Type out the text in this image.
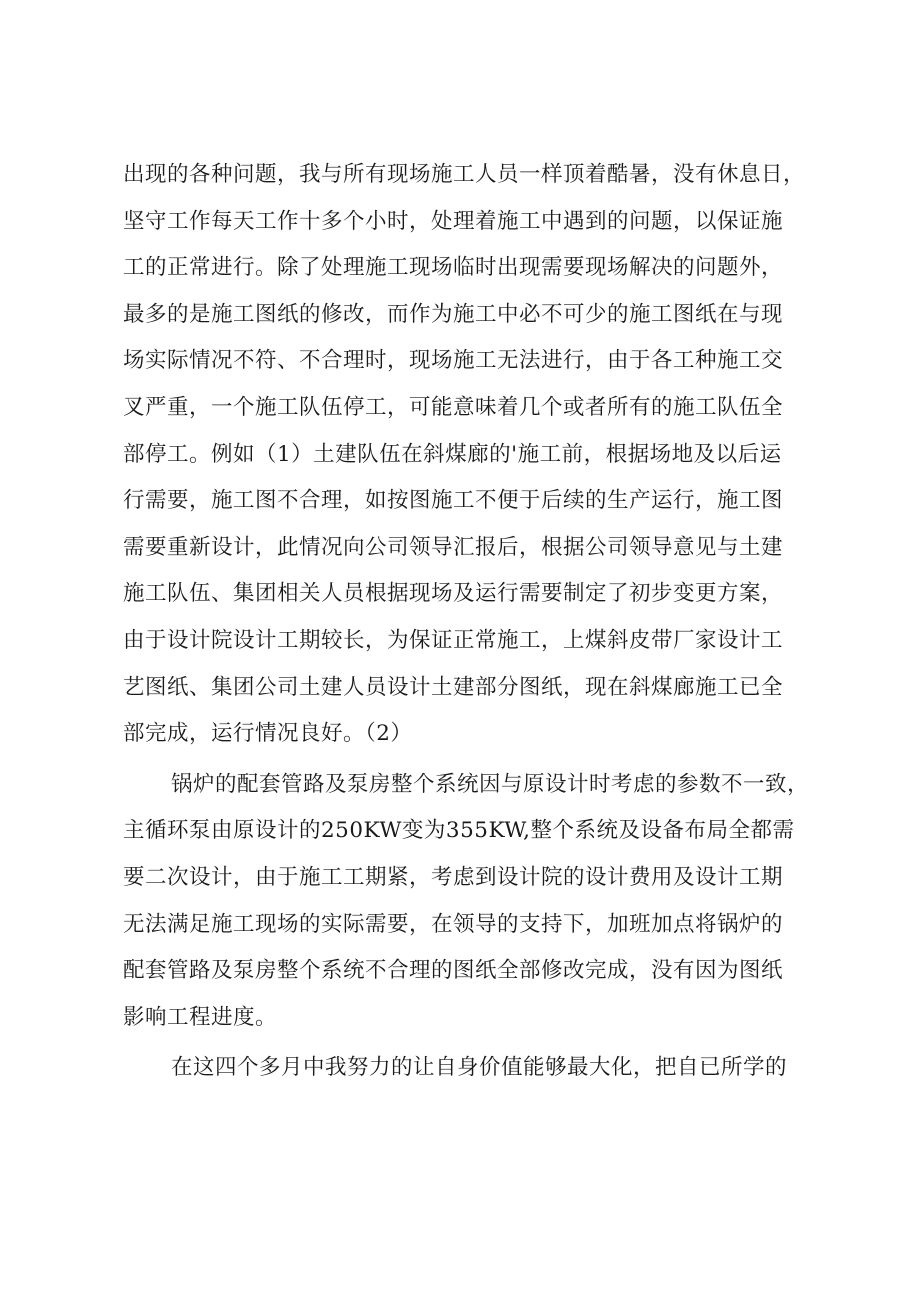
出现的各种问题，我与所有现场施工人员一样顶着酷暑，没有休息日，
坚守工作每天工作十多个小时，处理着施工中遇到的问题，以保证施
工的正常进行。除了处理施工现场临时出现需要现场解决的问题外，
最多的是施工图纸的修改，而作为施工中必不可少的施工图纸在与现
场实际情况不符、不合理时，现场施工无法进行，由于各工种施工交
叉严重，一个施工队伍停工，可能意味着几个或者所有的施工队伍全
部停工。例如（1）土建队伍在斜煤廊的'施工前，根据场地及以后运
行需要，施工图不合理，如按图施工不便于后续的生产运行，施工图
需要重新设计，此情况向公司领导汇报后，根据公司领导意见与土建
施工队伍、集团相关人员根据现场及运行需要制定了初步变更方案，
由于设计院设计工期较长，为保证正常施工，上煤斜皮带厂家设计工
艺图纸、集团公司土建人员设计土建部分图纸，现在斜煤廊施工已全
部完成，运行情况良好。（2）
锅炉的配套管路及泵房整个系统因与原设计时考虑的参数不一致，
主循环泵由原设计的250KW变为355KW,整个系统及设备布局全都需
要二次设计，由于施工工期紧，考虑到设计院的设计费用及设计工期
无法满足施工现场的实际需要，在领导的支持下，加班加点将锅炉的
配套管路及泵房整个系统不合理的图纸全部修改完成，没有因为图纸
影响工程进度。
在这四个多月中我努力的让自身价值能够最大化，把自已所学的
